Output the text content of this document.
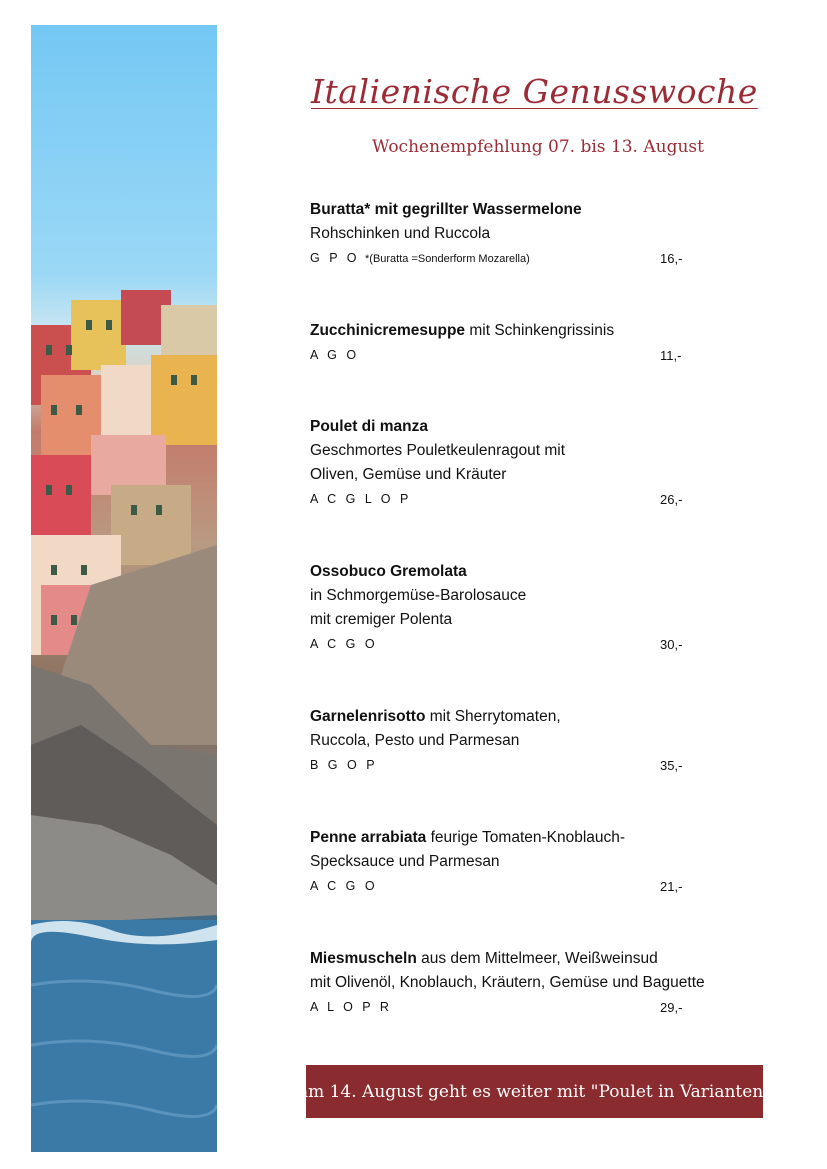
Italienische Genusswoche
Wochenempfehlung 07. bis 13. August
Buratta* mit gegrillter Wassermelone
Rohschinken und Ruccola
G P O *(Buratta =Sonderform Mozarella)	16,-
Zucchinicremesuppe mit Schinkengrissinis
A G O	11,-
Poulet di manza
Geschmortes Pouletkeulenragout mit
Oliven, Gemüse und Kräuter
A C G L O P	26,-
Ossobuco Gremolata
in Schmorgemüse-Barolosauce
mit cremiger Polenta
A C G O	30,-
Garnelenrisotto mit Sherrytomaten,
Ruccola, Pesto und Parmesan
B G O P	35,-
Penne arrabiata feurige Tomaten-Knoblauch-
Specksauce und Parmesan
A C G O	21,-
Miesmuscheln aus dem Mittelmeer, Weißweinsud
mit Olivenöl, Knoblauch, Kräutern, Gemüse und Baguette
A L O P R	29,-
am 14. August geht es weiter mit "Poulet in Varianten"
